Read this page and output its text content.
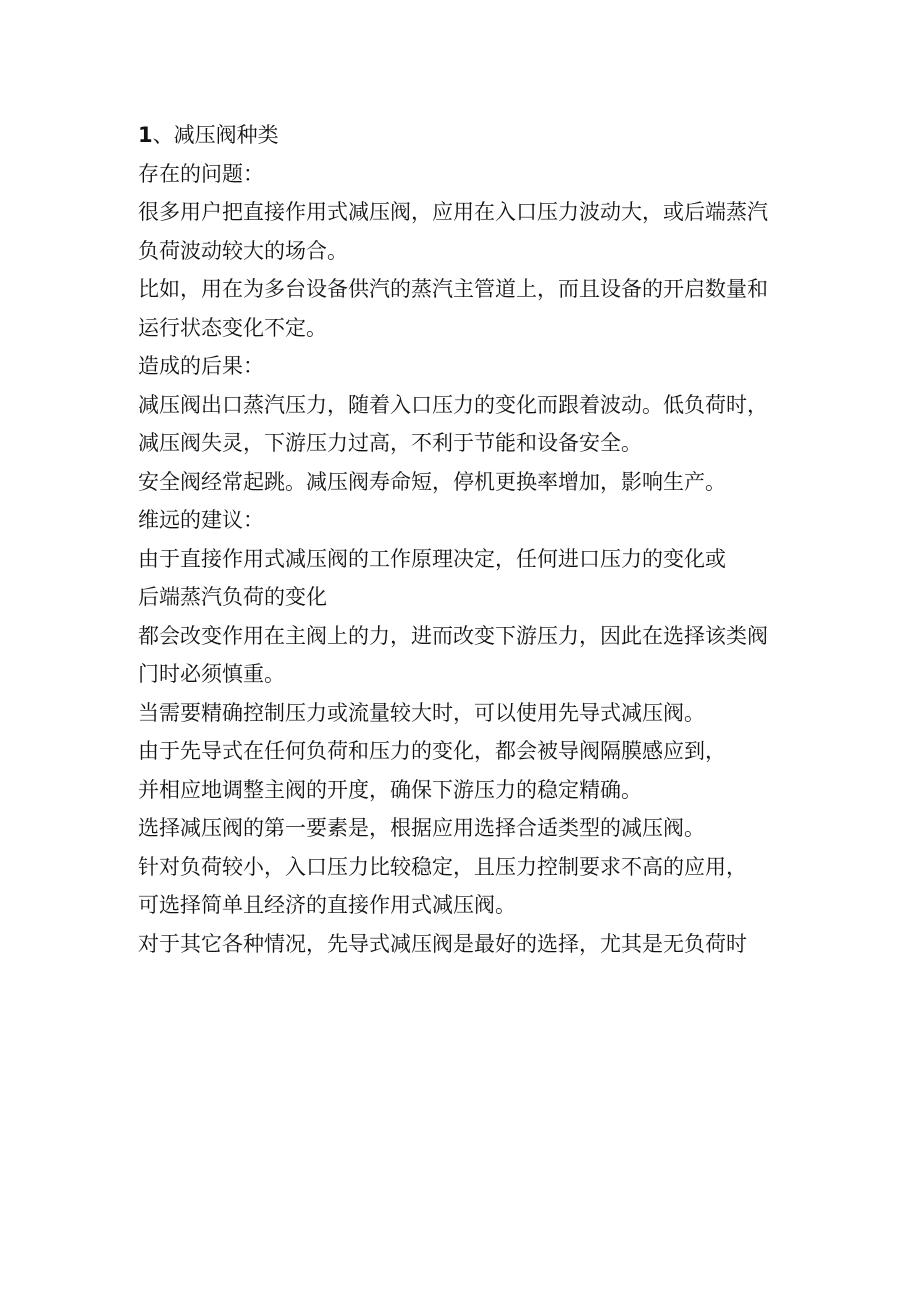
1、减压阀种类
存在的问题：
很多用户把直接作用式减压阀，应用在入口压力波动大，或后端蒸汽
负荷波动较大的场合。
比如，用在为多台设备供汽的蒸汽主管道上，而且设备的开启数量和
运行状态变化不定。
造成的后果：
减压阀出口蒸汽压力，随着入口压力的变化而跟着波动。低负荷时，
减压阀失灵，下游压力过高，不利于节能和设备安全。
安全阀经常起跳。减压阀寿命短，停机更换率增加，影响生产。
维远的建议：
由于直接作用式减压阀的工作原理决定，任何进口压力的变化或
后端蒸汽负荷的变化
都会改变作用在主阀上的力，进而改变下游压力，因此在选择该类阀
门时必须慎重。
当需要精确控制压力或流量较大时，可以使用先导式减压阀。
由于先导式在任何负荷和压力的变化，都会被导阀隔膜感应到，
并相应地调整主阀的开度，确保下游压力的稳定精确。
选择减压阀的第一要素是，根据应用选择合适类型的减压阀。
针对负荷较小，入口压力比较稳定，且压力控制要求不高的应用，
可选择简单且经济的直接作用式减压阀。
对于其它各种情况，先导式减压阀是最好的选择，尤其是无负荷时
